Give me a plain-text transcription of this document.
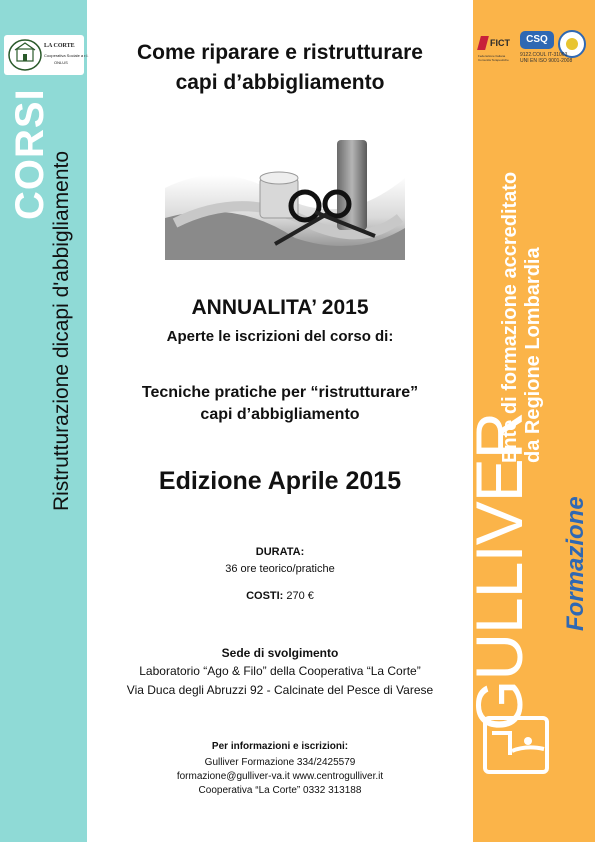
LA CORTE
Cooperativa Sociale a r.l.
ONLUS
CORSI
Ristrutturazione dicapi d'abbigliamento
Come riparare e ristrutturare
capi d’abbigliamento
ANNUALITA’ 2015
Aperte le iscrizioni del corso di:
Tecniche pratiche per “ristrutturare”
capi d’abbigliamento
Edizione Aprile 2015
DURATA:
36 ore teorico/pratiche
COSTI: 270 €
Sede di svolgimento
Laboratorio “Ago & Filo” della Cooperativa “La Corte”
Via Duca degli Abruzzi 92 - Calcinate del Pesce di Varese
Per informazioni e iscrizioni:
Gulliver Formazione 334/2425579
formazione@gulliver-va.it www.centrogulliver.it
Cooperativa “La Corte” 0332 313188
FICT
Federazione Italiana Comunità Terapeutiche
CSQ
9122.COUL IT-31063
UNI EN ISO 9001-2008
Ente di formazione accreditato da Regione Lombardia
GULLIVER Formazione
